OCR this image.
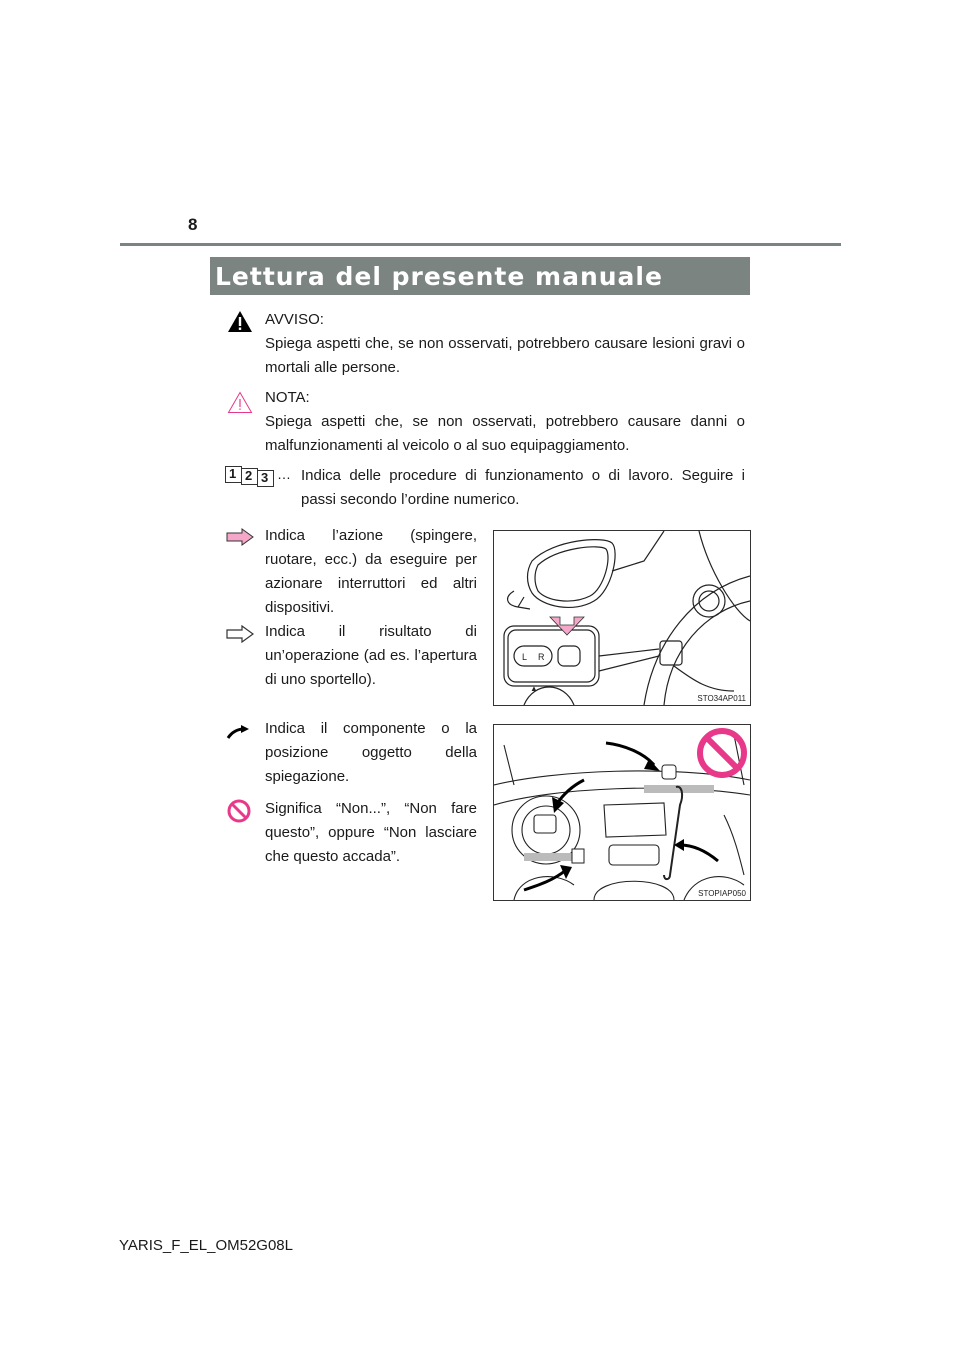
8
Lettura del presente manuale
AVVISO:
Spiega aspetti che, se non osservati, potrebbero causare lesioni gravi o mortali alle persone.
NOTA:
Spiega aspetti che, se non osservati, potrebbero causare danni o malfunzionamenti al veicolo o al suo equipaggiamento.
1 2 3 … Indica delle procedure di funzionamento o di lavoro. Seguire i passi secondo l’ordine numerico.
Indica l’azione (spingere, ruotare, ecc.) da eseguire per azionare interruttori ed altri dispositivi.
Indica il risultato di un’operazione (ad es. l’apertura di uno sportello).
L R
▲
STO34AP011
Indica il componente o la posizione oggetto della spiegazione.
Significa “Non...”, “Non fare questo”, oppure “Non lasciare che questo accada”.
STOPIAP050
YARIS_F_EL_OM52G08L
